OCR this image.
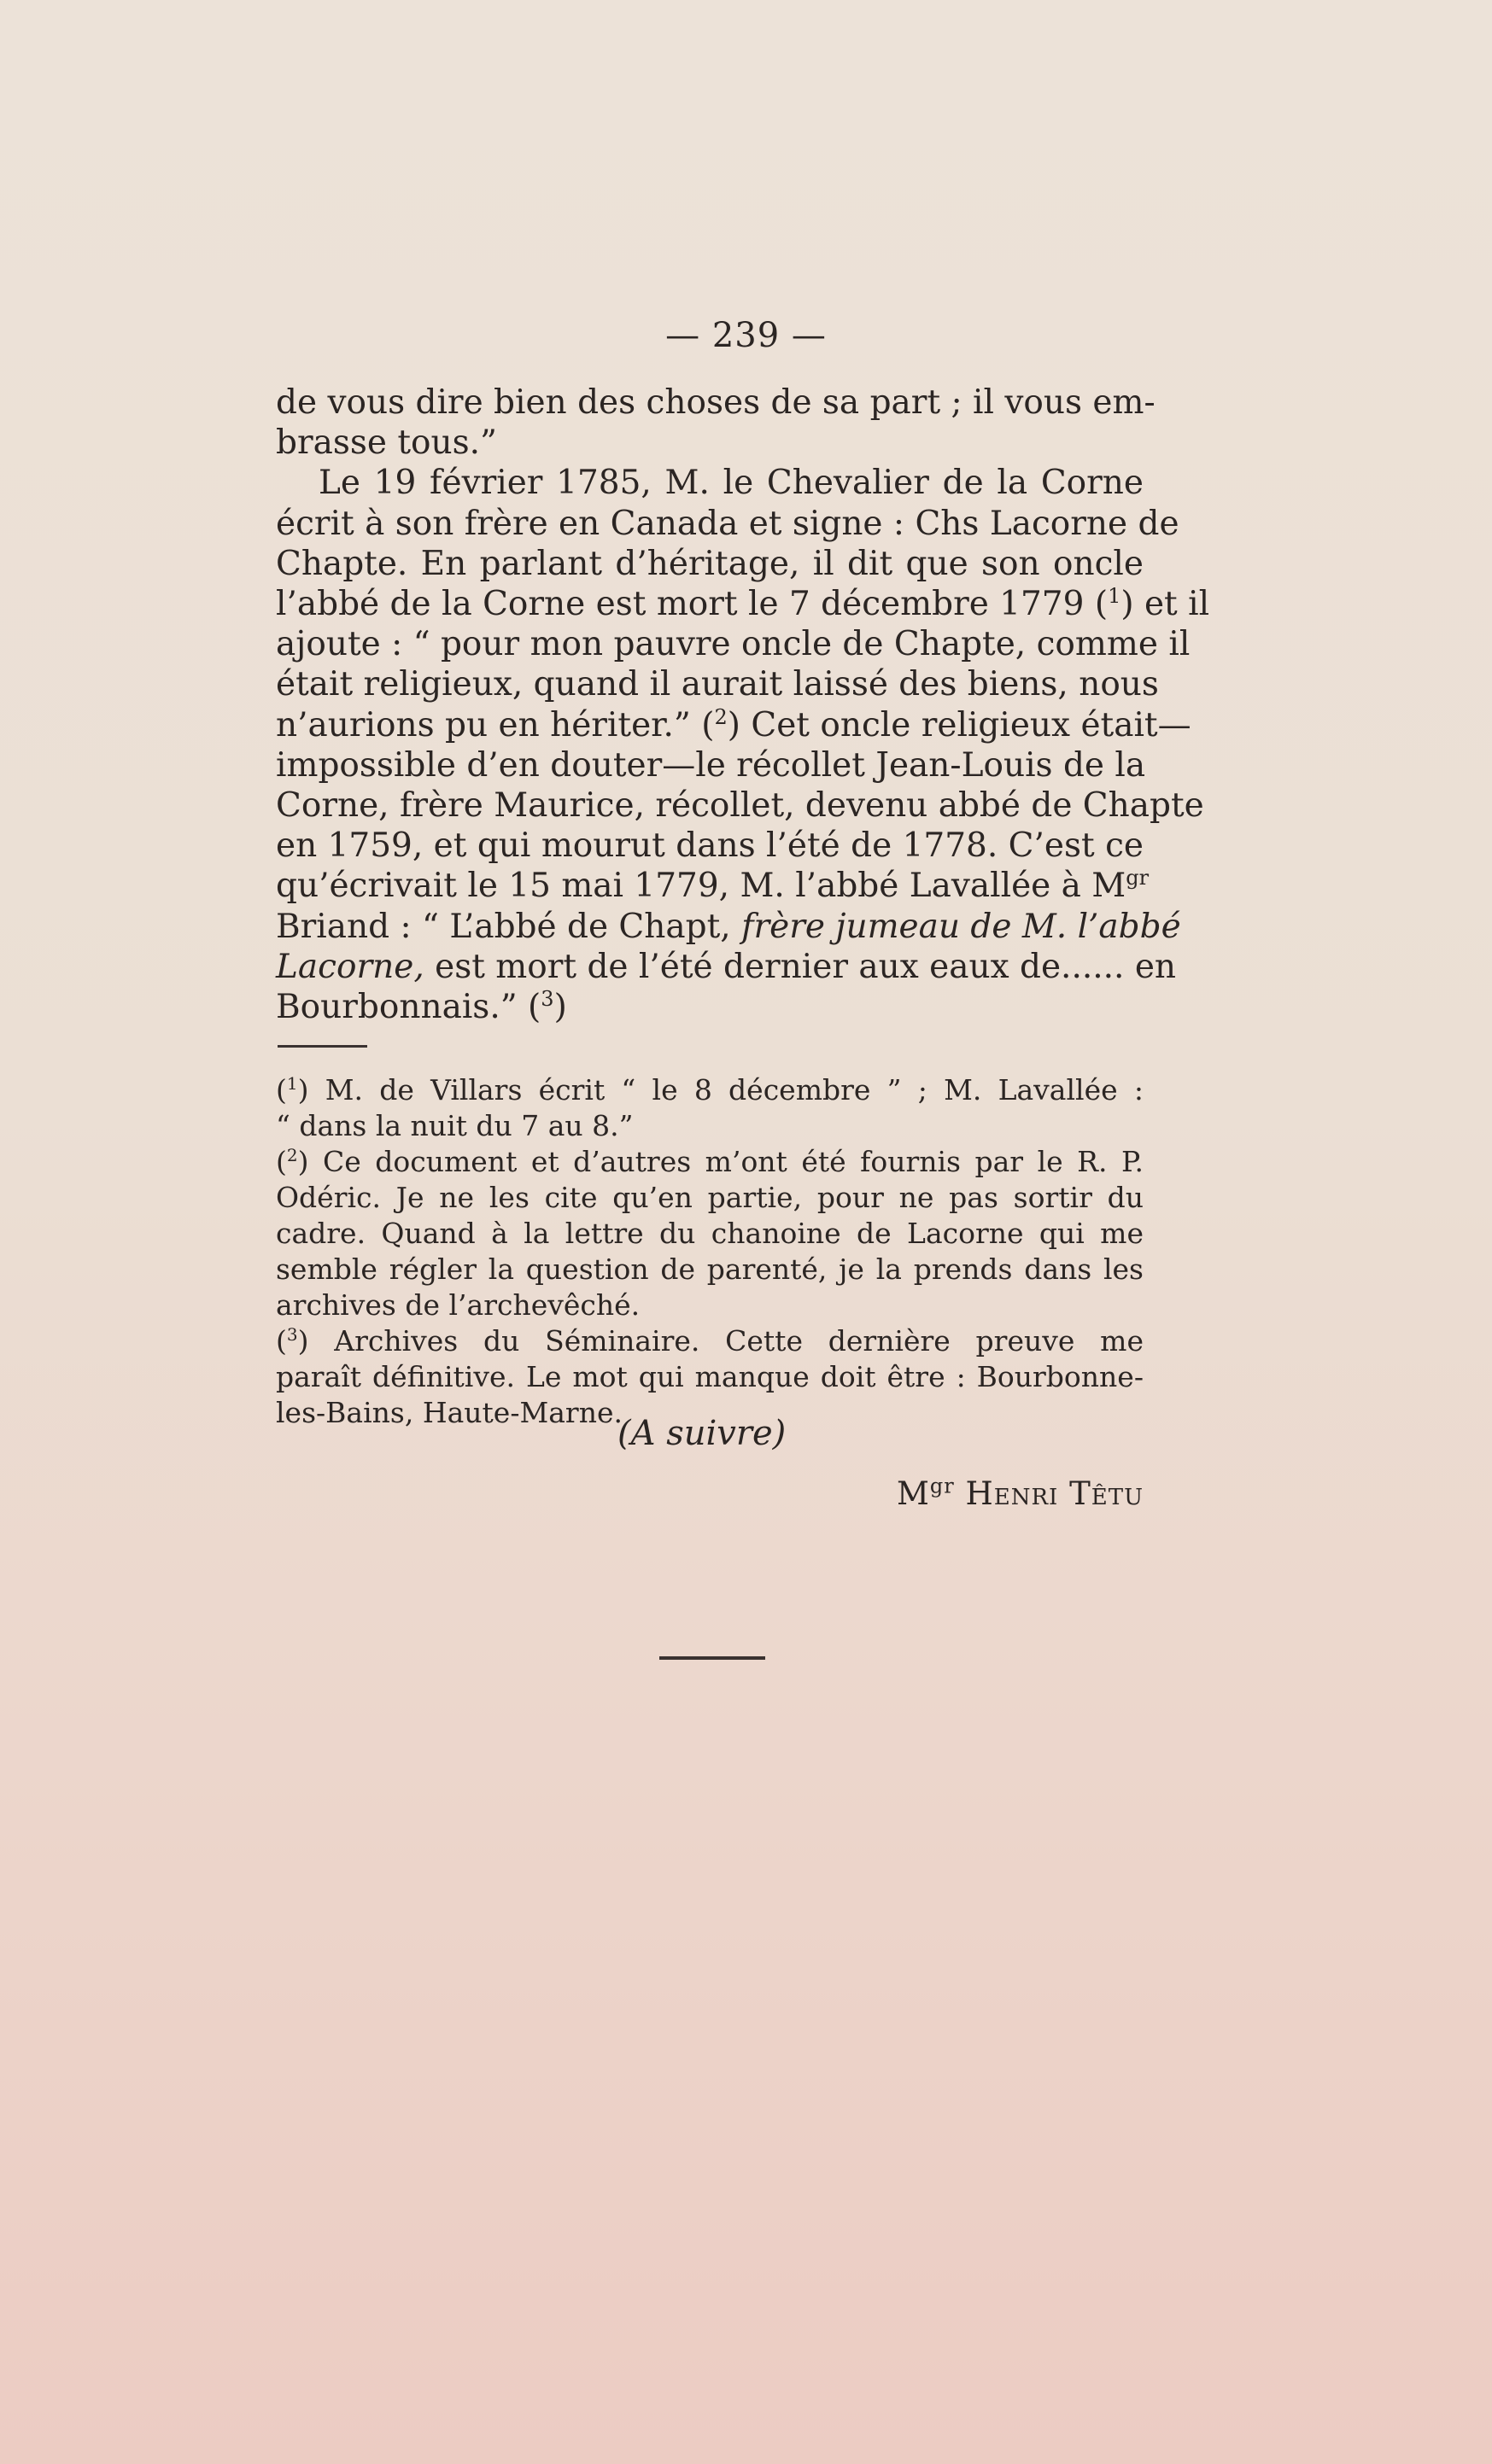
— 239 —
de vous dire bien des choses de sa part ; il vous em-
brasse tous.”
Le 19 février 1785, M. le Chevalier de la Corne
écrit à son frère en Canada et signe : Chs Lacorne de
Chapte. En parlant d’héritage, il dit que son oncle
l’abbé de la Corne est mort le 7 décembre 1779 ($^1$) et il
ajoute : “ pour mon pauvre oncle de Chapte, comme il
était religieux, quand il aurait laissé des biens, nous
n’aurions pu en hériter.” ($^2$) Cet oncle religieux était—
impossible d’en douter—le récollet Jean-Louis de la
Corne, frère Maurice, récollet, devenu abbé de Chapte
en 1759, et qui mourut dans l’été de 1778. C’est ce
qu’écrivait le 15 mai 1779, M. l’abbé Lavallée à $M^{gr}$
Briand : “ L’abbé de Chapt, frère jumeau de M. l’abbé
Lacorne, est mort de l’été dernier aux eaux de...... en
Bourbonnais.” ($^3$)
($^1$) M. de Villars écrit “ le 8 décembre ” ; M. Lavallée :
“ dans la nuit du 7 au 8.”
($^2$) Ce document et d’autres m’ont été fournis par le R. P.
Odéric. Je ne les cite qu’en partie, pour ne pas sortir du
cadre. Quand à la lettre du chanoine de Lacorne qui me
semble régler la question de parenté, je la prends dans les
archives de l’archevêché.
($^3$) Archives du Séminaire. Cette dernière preuve me
paraît définitive. Le mot qui manque doit être : Bourbonne-
les-Bains, Haute-Marne.
(A suivre)
$M^{gr}$ Henri Têtu
